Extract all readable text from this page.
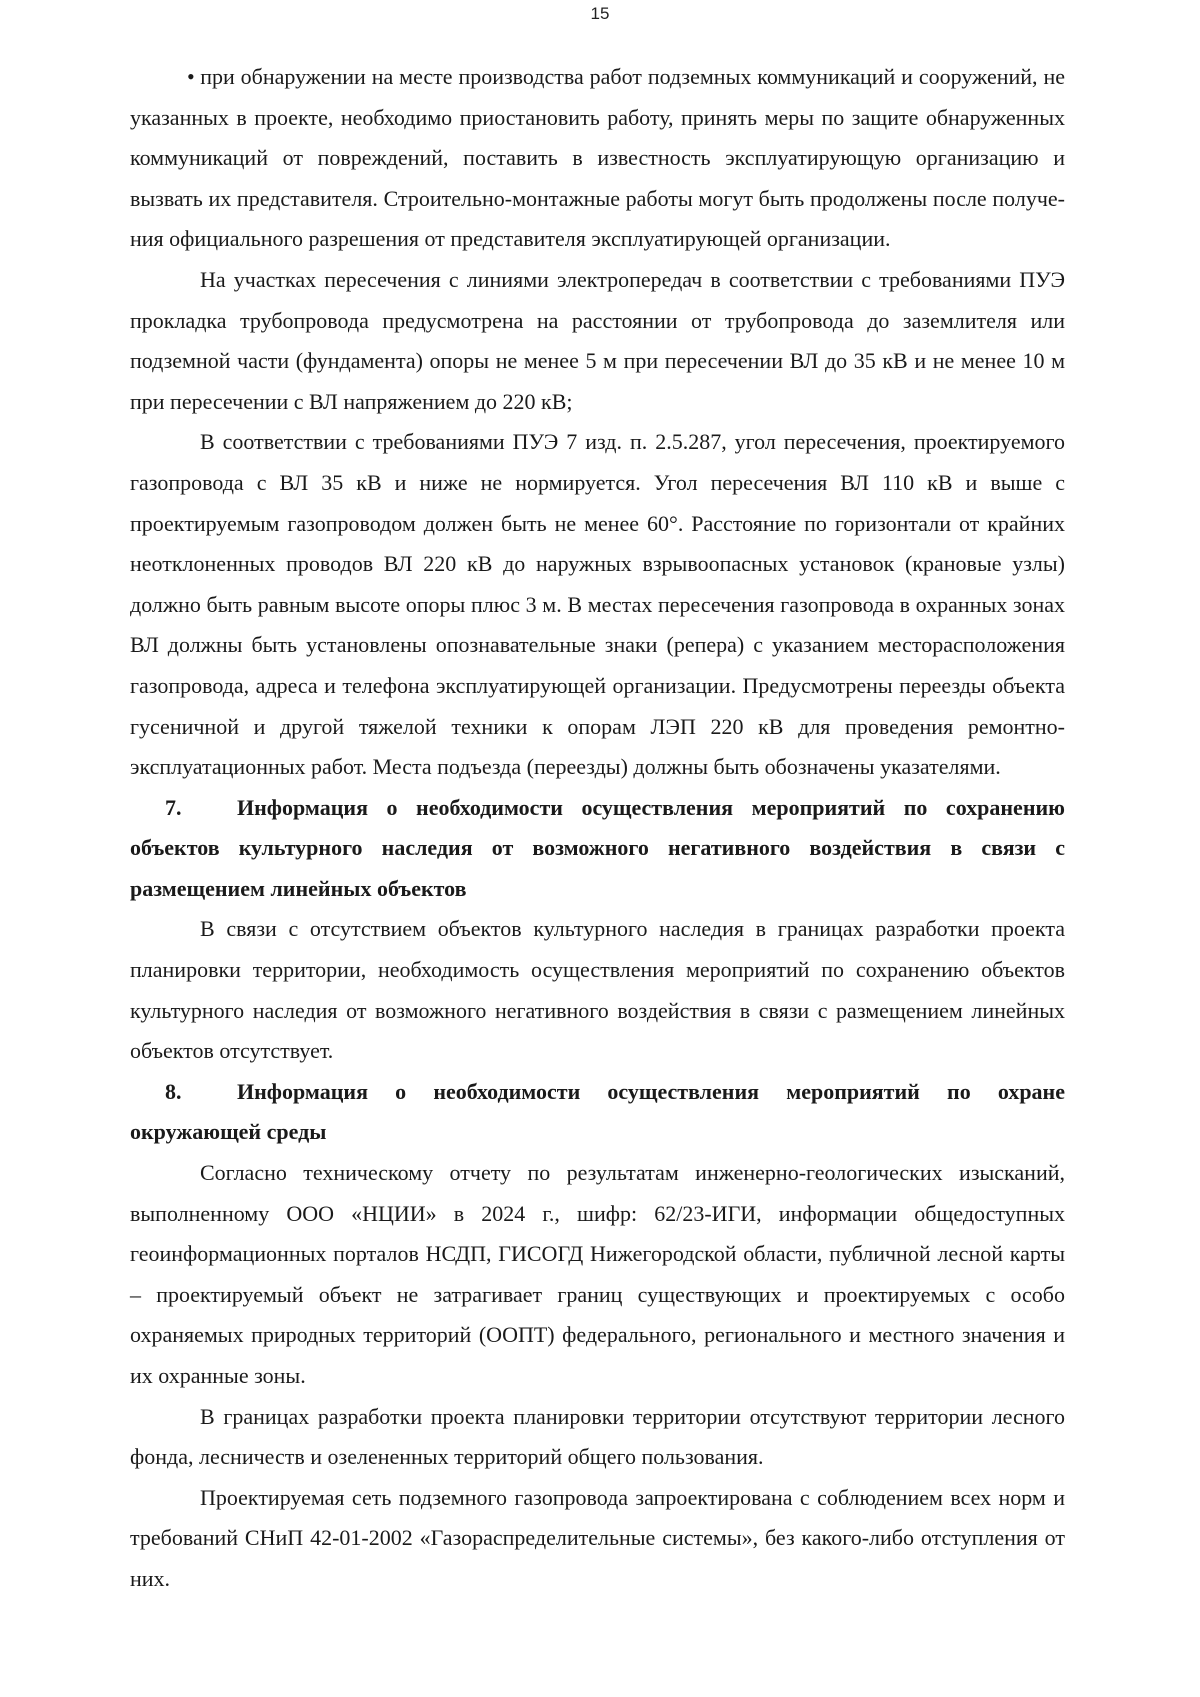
15

• при обнаружении на месте производства работ подземных коммуникаций и сооружений, не указанных в проекте, необходимо приостановить работу, принять меры по защите обнаруженных коммуникаций от повреждений, поставить в известность эксплуатирующую организацию и вызвать их представителя. Строительно-монтажные работы могут быть продолжены после получе-ния официального разрешения от представителя эксплуатирующей организации.

На участках пересечения с линиями электропередач в соответствии с требованиями ПУЭ прокладка трубопровода предусмотрена на расстоянии от трубопровода до заземлителя или подземной части (фундамента) опоры не менее 5 м при пересечении ВЛ до 35 кВ и не менее 10 м при пересечении с ВЛ напряжением до 220 кВ;

В соответствии с требованиями ПУЭ 7 изд. п. 2.5.287, угол пересечения, проектируемого газопровода с ВЛ 35 кВ и ниже не нормируется. Угол пересечения ВЛ 110 кВ и выше с проектируемым газопроводом должен быть не менее 60°. Расстояние по горизонтали от крайних неотклоненных проводов ВЛ 220 кВ до наружных взрывоопасных установок (крановые узлы) должно быть равным высоте опоры плюс 3 м. В местах пересечения газопровода в охранных зонах ВЛ должны быть установлены опознавательные знаки (репера) с указанием месторасположения газопровода, адреса и телефона эксплуатирующей организации. Предусмотрены переезды объекта гусеничной и другой тяжелой техники к опорам ЛЭП 220 кВ для проведения ремонтно-эксплуатационных работ. Места подъезда (переезды) должны быть обозначены указателями.

7.	Информация о необходимости осуществления мероприятий по сохранению объектов культурного наследия от возможного негативного воздействия в связи с размещением линейных объектов

В связи с отсутствием объектов культурного наследия в границах разработки проекта планировки территории, необходимость осуществления мероприятий по сохранению объектов культурного наследия от возможного негативного воздействия в связи с размещением линейных объектов отсутствует.

8.	Информация о необходимости осуществления мероприятий по охране окружающей среды

Согласно техническому отчету по результатам инженерно-геологических изысканий, выполненному ООО «НЦИИ» в 2024 г., шифр: 62/23-ИГИ, информации общедоступных геоинформационных порталов НСДП, ГИСОГД Нижегородской области, публичной лесной карты – проектируемый объект не затрагивает границ существующих и проектируемых с особо охраняемых природных территорий (ООПТ) федерального, регионального и местного значения и их охранные зоны.

В границах разработки проекта планировки территории отсутствуют территории лесного фонда, лесничеств и озелененных территорий общего пользования.

Проектируемая сеть подземного газопровода запроектирована с соблюдением всех норм и требований СНиП 42-01-2002 «Газораспределительные системы», без какого-либо отступления от них.
